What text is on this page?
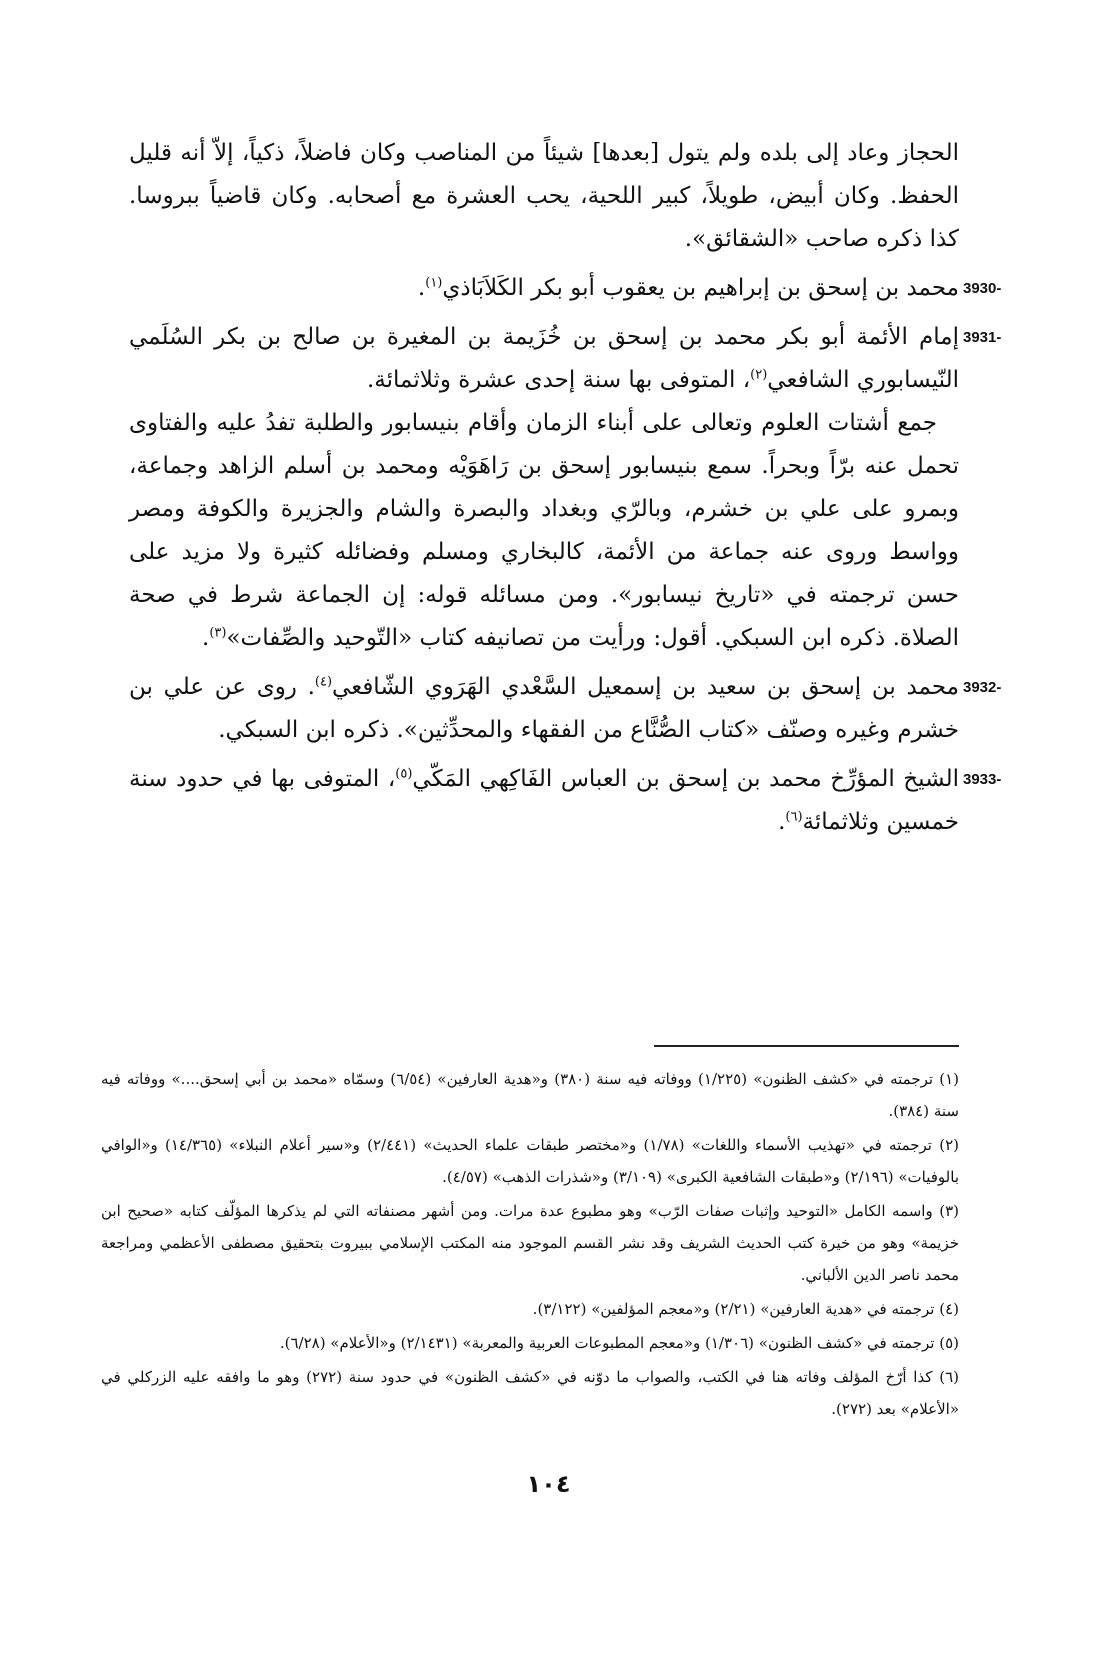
الحجاز وعاد إلى بلده ولم يتول [بعدها] شيئاً من المناصب وكان فاضلاً، ذكياً، إلاّ أنه قليل الحفظ. وكان أبيض، طويلاً، كبير اللحية، يحب العشرة مع أصحابه. وكان قاضياً ببروسا. كذا ذكره صاحب «الشقائق».

3930-
محمد بن إسحق بن إبراهيم بن يعقوب أبو بكر الكَلاَبَاذي$^{(١)}$.
3931-
إمام الأئمة أبو بكر محمد بن إسحق بن خُزَيمة بن المغيرة بن صالح بن بكر السُلَمي النّيسابوري الشافعي$^{(٢)}$، المتوفى بها سنة إحدى عشرة وثلاثمائة.

جمع أشتات العلوم وتعالى على أبناء الزمان وأقام بنيسابور والطلبة تفدُ عليه والفتاوى تحمل عنه برّاً وبحراً. سمع بنيسابور إسحق بن رَاهَوَيْه ومحمد بن أسلم الزاهد وجماعة، وبمرو على علي بن خشرم، وبالرّي وبغداد والبصرة والشام والجزيرة والكوفة ومصر وواسط وروى عنه جماعة من الأئمة، كالبخاري ومسلم وفضائله كثيرة ولا مزيد على حسن ترجمته في «تاريخ نيسابور». ومن مسائله قوله: إن الجماعة شرط في صحة الصلاة. ذكره ابن السبكي. أقول: ورأيت من تصانيفه كتاب «التّوحيد والصِّفات»$^{(٣)}$.

3932-
محمد بن إسحق بن سعيد بن إسمعيل السَّعْدي الهَرَوي الشّافعي$^{(٤)}$. روى عن علي بن خشرم وغيره وصنّف «كتاب الصُّنَّاع من الفقهاء والمحدِّثين». ذكره ابن السبكي.
3933-
الشيخ المؤرِّخ محمد بن إسحق بن العباس الفَاكِهي المَكّي$^{(٥)}$، المتوفى بها في حدود سنة خمسين وثلاثمائة$^{(٦)}$.

(١) ترجمته في «كشف الظنون» (١/٢٢٥) ووفاته فيه سنة (٣٨٠) و«هدية العارفين» (٦/٥٤) وسمّاه «محمد بن أبي إسحق....» ووفاته فيه سنة (٣٨٤).

(٢) ترجمته في «تهذيب الأسماء واللغات» (١/٧٨) و«مختصر طبقات علماء الحديث» (٢/٤٤١) و«سير أعلام النبلاء» (١٤/٣٦٥) و«الوافي بالوفيات» (٢/١٩٦) و«طبقات الشافعية الكبرى» (٣/١٠٩) و«شذرات الذهب» (٤/٥٧).

(٣) واسمه الكامل «التوحيد وإثبات صفات الرّب» وهو مطبوع عدة مرات. ومن أشهر مصنفاته التي لم يذكرها المؤلّف كتابه «صحيح ابن خزيمة» وهو من خيرة كتب الحديث الشريف وقد نشر القسم الموجود منه المكتب الإسلامي ببيروت بتحقيق مصطفى الأعظمي ومراجعة محمد ناصر الدين الألباني.

(٤) ترجمته في «هدية العارفين» (٢/٢١) و«معجم المؤلفين» (٣/١٢٢).

(٥) ترجمته في «كشف الظنون» (١/٣٠٦) و«معجم المطبوعات العربية والمعربة» (٢/١٤٣١) و«الأعلام» (٦/٢٨).

(٦) كذا أرّخ المؤلف وفاته هنا في الكتب، والصواب ما دوّنه في «كشف الظنون» في حدود سنة (٢٧٢) وهو ما وافقه عليه الزركلي في «الأعلام» بعد (٢٧٢).

١٠٤
